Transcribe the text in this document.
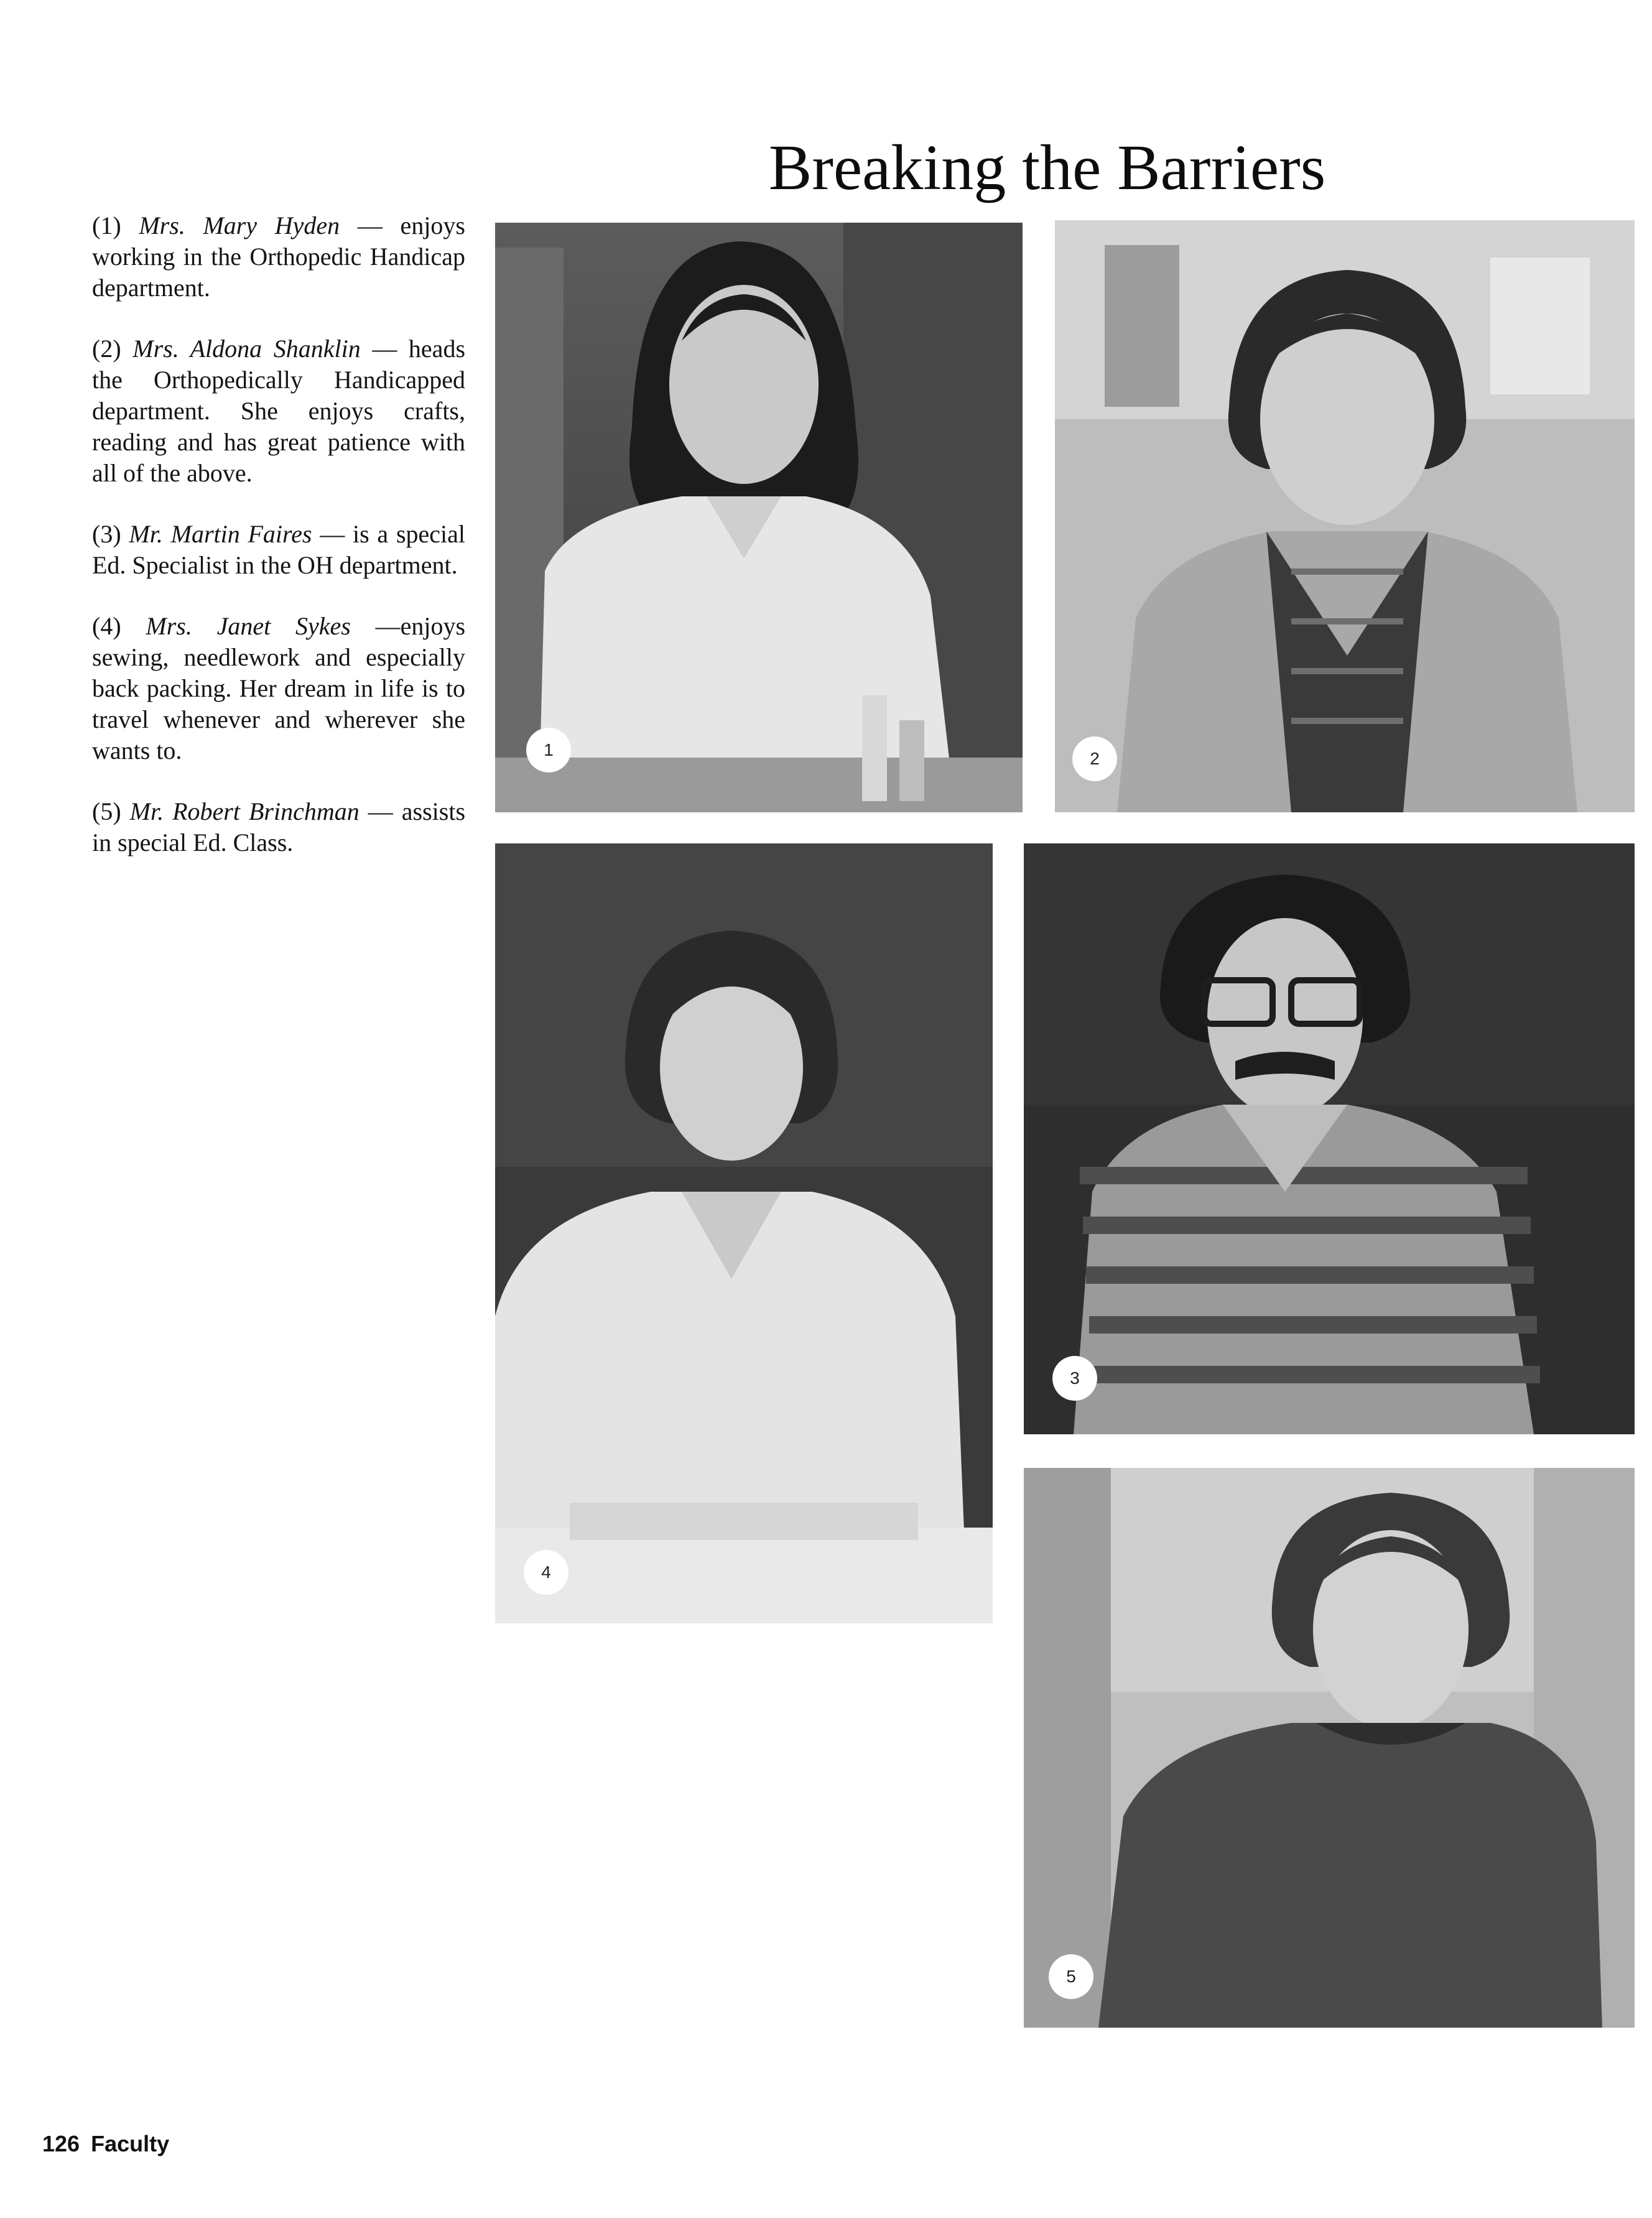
Breaking the Barriers

(1) Mrs. Mary Hyden — enjoys working in the Orthopedic Handicap department.

(2) Mrs. Aldona Shanklin — heads the Orthopedically Handicapped department. She enjoys crafts, reading and has great patience with all of the above.

(3) Mr. Martin Faires — is a special Ed. Specialist in the OH department.

(4) Mrs. Janet Sykes —enjoys sewing, needlework and especially back packing. Her dream in life is to travel whenever and wherever she wants to.

(5) Mr. Robert Brinchman — assists in special Ed. Class.

1	2
4
3
5
126 Faculty
